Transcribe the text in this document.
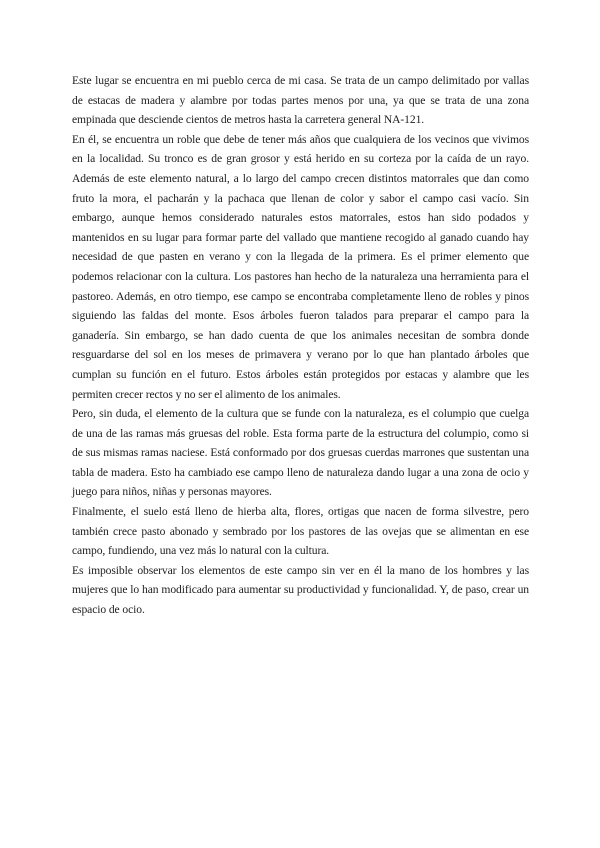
Este lugar se encuentra en mi pueblo cerca de mi casa. Se trata de un campo delimitado por vallas de estacas de madera y alambre por todas partes menos por una, ya que se trata de una zona empinada que desciende cientos de metros hasta la carretera general NA-121.

En él, se encuentra un roble que debe de tener más años que cualquiera de los vecinos que vivimos en la localidad. Su tronco es de gran grosor y está herido en su corteza por la caída de un rayo. Además de este elemento natural, a lo largo del campo crecen distintos matorrales que dan como fruto la mora, el pacharán y la pachaca que llenan de color y sabor el campo casi vacío. Sin embargo, aunque hemos considerado naturales estos matorrales, estos han sido podados y mantenidos en su lugar para formar parte del vallado que mantiene recogido al ganado cuando hay necesidad de que pasten en verano y con la llegada de la primera. Es el primer elemento que podemos relacionar con la cultura. Los pastores han hecho de la naturaleza una herramienta para el pastoreo. Además, en otro tiempo, ese campo se encontraba completamente lleno de robles y pinos siguiendo las faldas del monte. Esos árboles fueron talados para preparar el campo para la ganadería. Sin embargo, se han dado cuenta de que los animales necesitan de sombra donde resguardarse del sol en los meses de primavera y verano por lo que han plantado árboles que cumplan su función en el futuro. Estos árboles están protegidos por estacas y alambre que les permiten crecer rectos y no ser el alimento de los animales.

Pero, sin duda, el elemento de la cultura que se funde con la naturaleza, es el columpio que cuelga de una de las ramas más gruesas del roble. Esta forma parte de la estructura del columpio, como si de sus mismas ramas naciese. Está conformado por dos gruesas cuerdas marrones que sustentan una tabla de madera. Esto ha cambiado ese campo lleno de naturaleza dando lugar a una zona de ocio y juego para niños, niñas y personas mayores.

Finalmente, el suelo está lleno de hierba alta, flores, ortigas que nacen de forma silvestre, pero también crece pasto abonado y sembrado por los pastores de las ovejas que se alimentan en ese campo, fundiendo, una vez más lo natural con la cultura.

Es imposible observar los elementos de este campo sin ver en él la mano de los hombres y las mujeres que lo han modificado para aumentar su productividad y funcionalidad. Y, de paso, crear un espacio de ocio.
